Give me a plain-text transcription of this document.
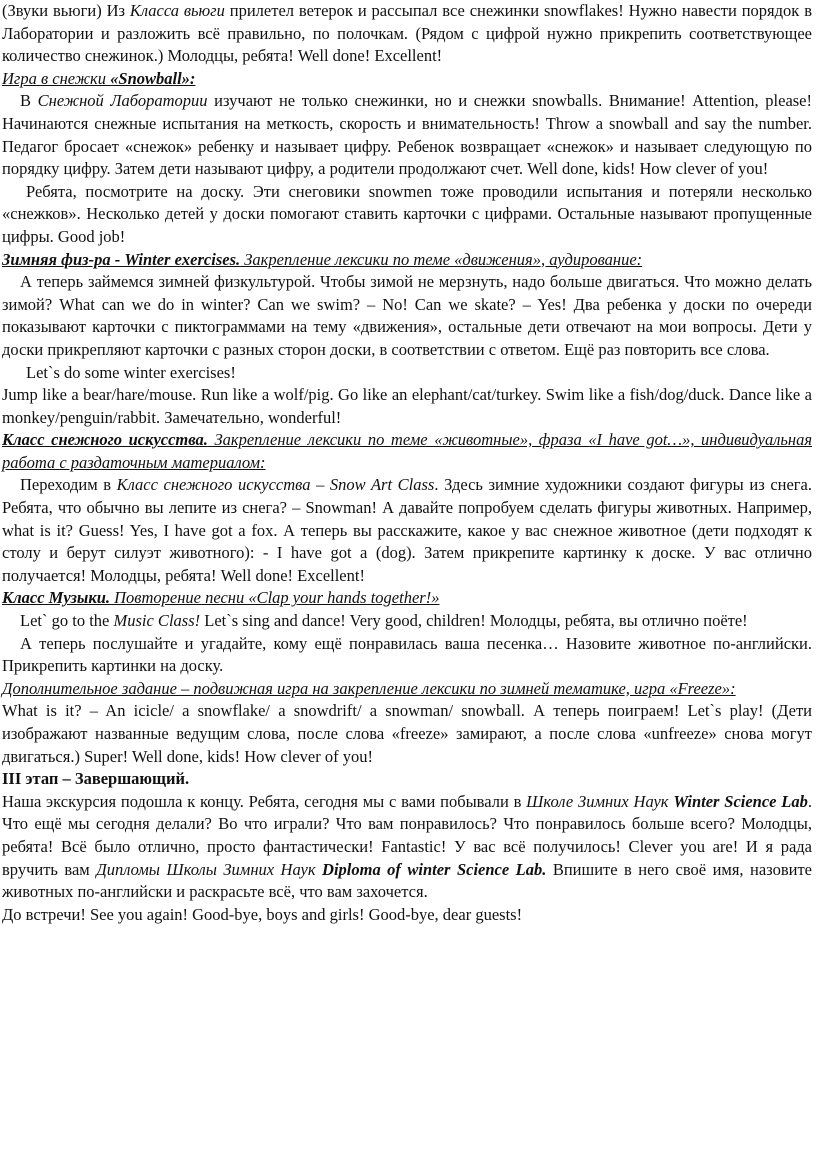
(Звуки вьюги) Из Класса вьюги прилетел ветерок и рассыпал все снежинки snowflakes! Нужно навести порядок в Лаборатории и разложить всё правильно, по полочкам. (Рядом с цифрой нужно прикрепить соответствующее количество снежинок.) Молодцы, ребята! Well done! Excellent!

Игра в снежки «Snowball»:

В Снежной Лаборатории изучают не только снежинки, но и снежки snowballs. Внимание! Attention, please! Начинаются снежные испытания на меткость, скорость и внимательность! Throw a snowball and say the number. Педагог бросает «снежок» ребенку и называет цифру. Ребенок возвращает «снежок» и называет следующую по порядку цифру. Затем дети называют цифру, а родители продолжают счет. Well done, kids! How clever of you!

Ребята, посмотрите на доску. Эти снеговики snowmen тоже проводили испытания и потеряли несколько «снежков». Несколько детей у доски помогают ставить карточки с цифрами. Остальные называют пропущенные цифры. Good job!

Зимняя физ-ра - Winter exercises. Закрепление лексики по теме «движения», аудирование:

А теперь займемся зимней физкультурой. Чтобы зимой не мерзнуть, надо больше двигаться. Что можно делать зимой? What can we do in winter? Can we swim? – No! Can we skate? – Yes! Два ребенка у доски по очереди показывают карточки с пиктограммами на тему «движения», остальные дети отвечают на мои вопросы. Дети у доски прикрепляют карточки с разных сторон доски, в соответствии с ответом. Ещё раз повторить все слова.

Let`s do some winter exercises!

Jump like a bear/hare/mouse. Run like a wolf/pig. Go like an elephant/cat/turkey. Swim like a fish/dog/duck. Dance like a monkey/penguin/rabbit. Замечательно, wonderful!

Класс снежного искусства. Закрепление лексики по теме «животные», фраза «I have got…», индивидуальная работа с раздаточным материалом:

Переходим в Класс снежного искусства – Snow Art Class. Здесь зимние художники создают фигуры из снега. Ребята, что обычно вы лепите из снега? – Snowman! А давайте попробуем сделать фигуры животных. Например, what is it? Guess! Yes, I have got a fox. А теперь вы расскажите, какое у вас снежное животное (дети подходят к столу и берут силуэт животного): - I have got a (dog). Затем прикрепите картинку к доске. У вас отлично получается! Молодцы, ребята! Well done! Excellent!

Класс Музыки. Повторение песни «Clap your hands together!»

Let` go to the Music Class! Let`s sing and dance! Very good, children! Молодцы, ребята, вы отлично поёте!

А теперь послушайте и угадайте, кому ещё понравилась ваша песенка… Назовите животное по-английски. Прикрепить картинки на доску.

Дополнительное задание – подвижная игра на закрепление лексики по зимней тематике, игра «Freeze»:

What is it? – An icicle/ a snowflake/ a snowdrift/ a snowman/ snowball. А теперь поиграем! Let`s play! (Дети изображают названные ведущим слова, после слова «freeze» замирают, а после слова «unfreeze» снова могут двигаться.) Super! Well done, kids! How clever of you!

III этап – Завершающий.

Наша экскурсия подошла к концу. Ребята, сегодня мы с вами побывали в Школе Зимних Наук Winter Science Lab. Что ещё мы сегодня делали? Во что играли? Что вам понравилось? Что понравилось больше всего? Молодцы, ребята! Всё было отлично, просто фантастически! Fantastic! У вас всё получилось! Clever you are! И я рада вручить вам Дипломы Школы Зимних Наук Diploma of winter Science Lab. Впишите в него своё имя, назовите животных по-английски и раскрасьте всё, что вам захочется.

До встречи! See you again! Good-bye, boys and girls! Good-bye, dear guests!
